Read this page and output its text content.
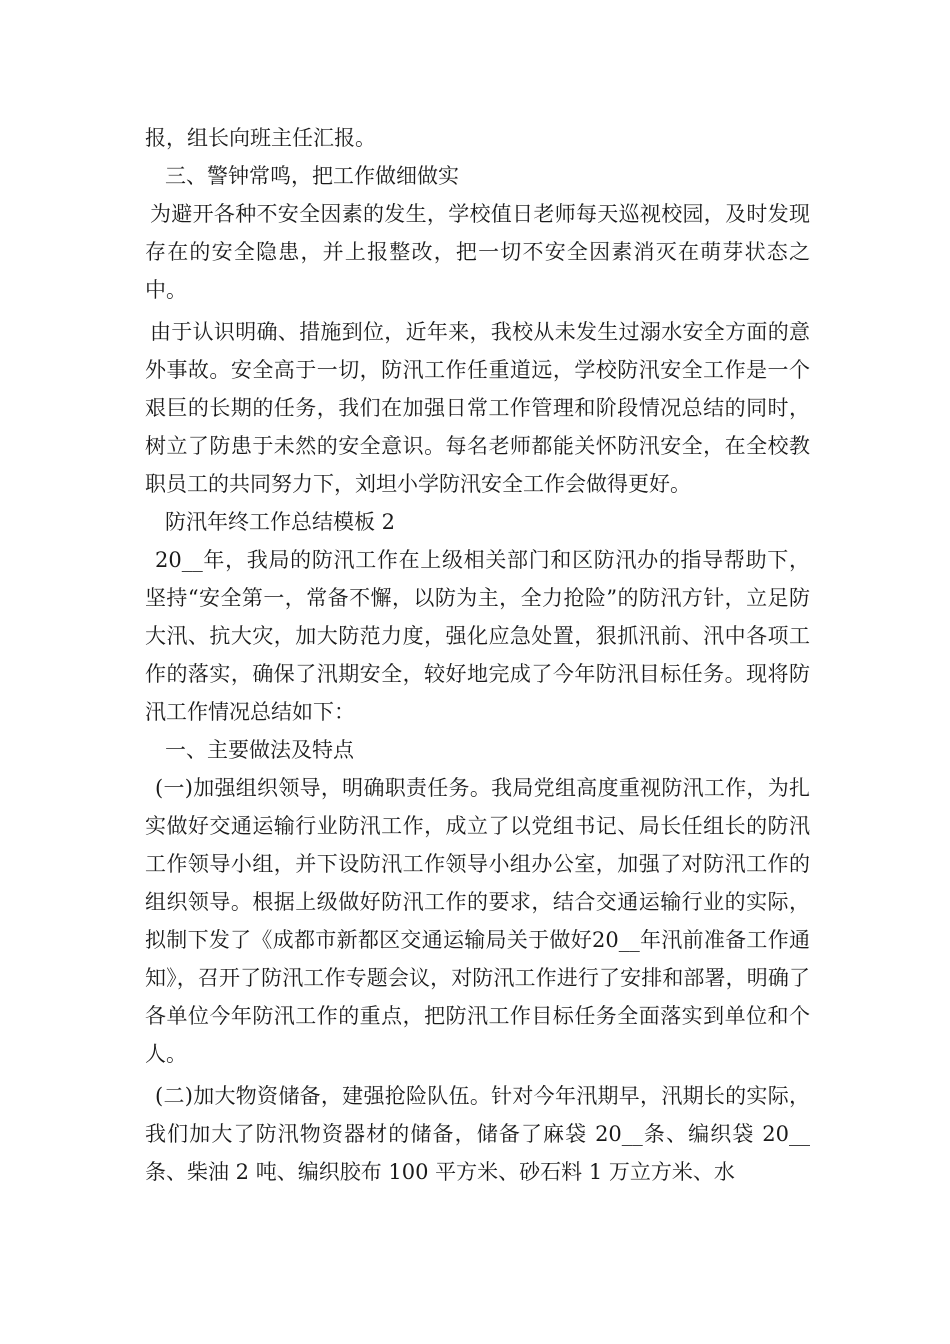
报，组长向班主任汇报。

三、警钟常鸣，把工作做细做实

为避开各种不安全因素的发生，学校值日老师每天巡视校园，及时发现存在的安全隐患，并上报整改，把一切不安全因素消灭在萌芽状态之中。

由于认识明确、措施到位，近年来，我校从未发生过溺水安全方面的意外事故。安全高于一切，防汛工作任重道远，学校防汛安全工作是一个艰巨的长期的任务，我们在加强日常工作管理和阶段情况总结的同时，树立了防患于未然的安全意识。每名老师都能关怀防汛安全，在全校教职员工的共同努力下，刘坦小学防汛安全工作会做得更好。

防汛年终工作总结模板 2

20__年，我局的防汛工作在上级相关部门和区防汛办的指导帮助下，坚持“安全第一，常备不懈，以防为主，全力抢险”的防汛方针，立足防大汛、抗大灾，加大防范力度，强化应急处置，狠抓汛前、汛中各项工作的落实，确保了汛期安全，较好地完成了今年防汛目标任务。现将防汛工作情况总结如下：

一、主要做法及特点

(一)加强组织领导，明确职责任务。我局党组高度重视防汛工作，为扎实做好交通运输行业防汛工作，成立了以党组书记、局长任组长的防汛工作领导小组，并下设防汛工作领导小组办公室，加强了对防汛工作的组织领导。根据上级做好防汛工作的要求，结合交通运输行业的实际，拟制下发了《成都市新都区交通运输局关于做好20__年汛前准备工作通知》，召开了防汛工作专题会议，对防汛工作进行了安排和部署，明确了各单位今年防汛工作的重点，把防汛工作目标任务全面落实到单位和个人。

(二)加大物资储备，建强抢险队伍。针对今年汛期早，汛期长的实际，我们加大了防汛物资器材的储备，储备了麻袋 20__条、编织袋 20__条、柴油 2 吨、编织胶布 100 平方米、砂石料 1 万立方米、水
